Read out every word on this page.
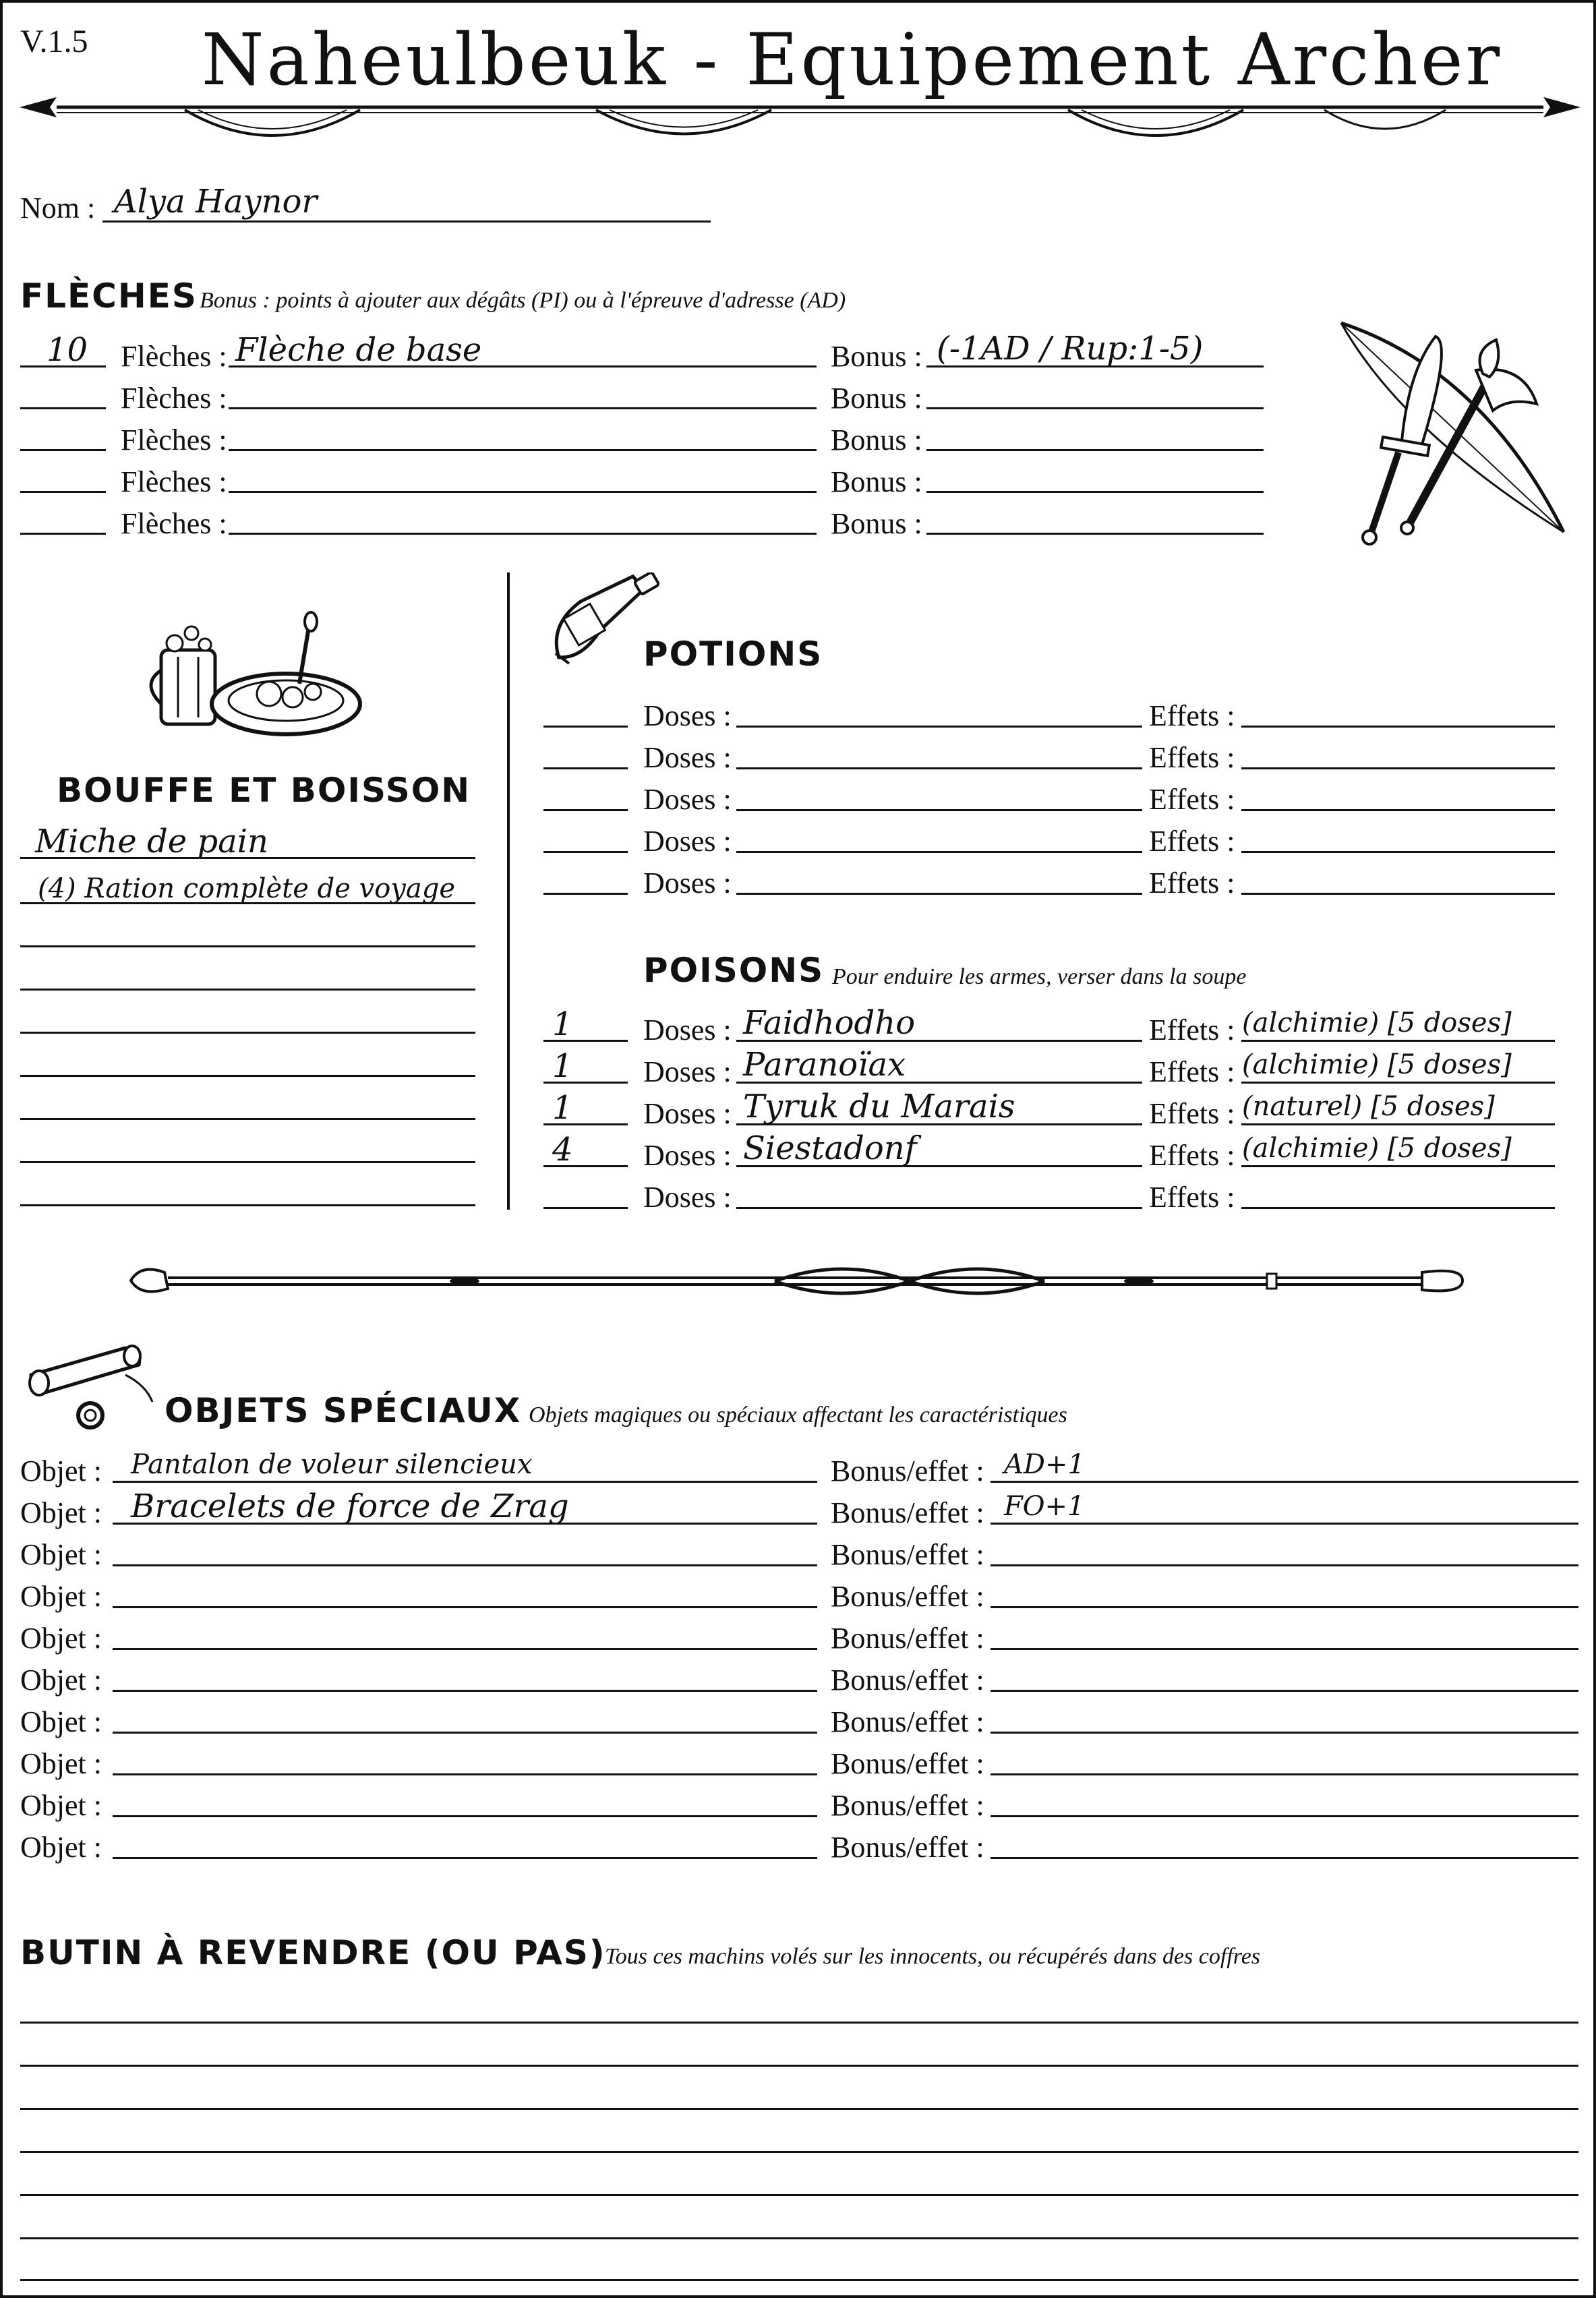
V.1.5	Naheulbeuk - Equipement Archer
Nom : Alya Haynor
FLÈCHES Bonus : points à ajouter aux dégâts (PI) ou à l'épreuve d'adresse (AD)
10 Flèches : Flèche de base	Bonus : (-1AD / Rup:1-5)
Flèches :	Bonus :
Flèches :	Bonus :
Flèches :	Bonus :
Flèches :	Bonus :
BOUFFE ET BOISSON
Miche de pain
(4) Ration complète de voyage
POTIONS
Doses :	Effets :
Doses :	Effets :
Doses :	Effets :
Doses :	Effets :
Doses :	Effets :
POISONS Pour enduire les armes, verser dans la soupe
1 Doses : Faidhodho	Effets : (alchimie) [5 doses]
1 Doses : Paranoïax	Effets : (alchimie) [5 doses]
1 Doses : Tyruk du Marais	Effets : (naturel) [5 doses]
4 Doses : Siestadonf	Effets : (alchimie) [5 doses]
Doses :	Effets :
OBJETS SPÉCIAUX Objets magiques ou spéciaux affectant les caractéristiques
Objet : Pantalon de voleur silencieux	Bonus/effet : AD+1
Objet : Bracelets de force de Zrag	Bonus/effet : FO+1
Objet :	Bonus/effet :
Objet :	Bonus/effet :
Objet :	Bonus/effet :
Objet :	Bonus/effet :
Objet :	Bonus/effet :
Objet :	Bonus/effet :
Objet :	Bonus/effet :
Objet :	Bonus/effet :
BUTIN À REVENDRE (OU PAS)
Tous ces machins volés sur les innocents, ou récupérés dans des coffres
